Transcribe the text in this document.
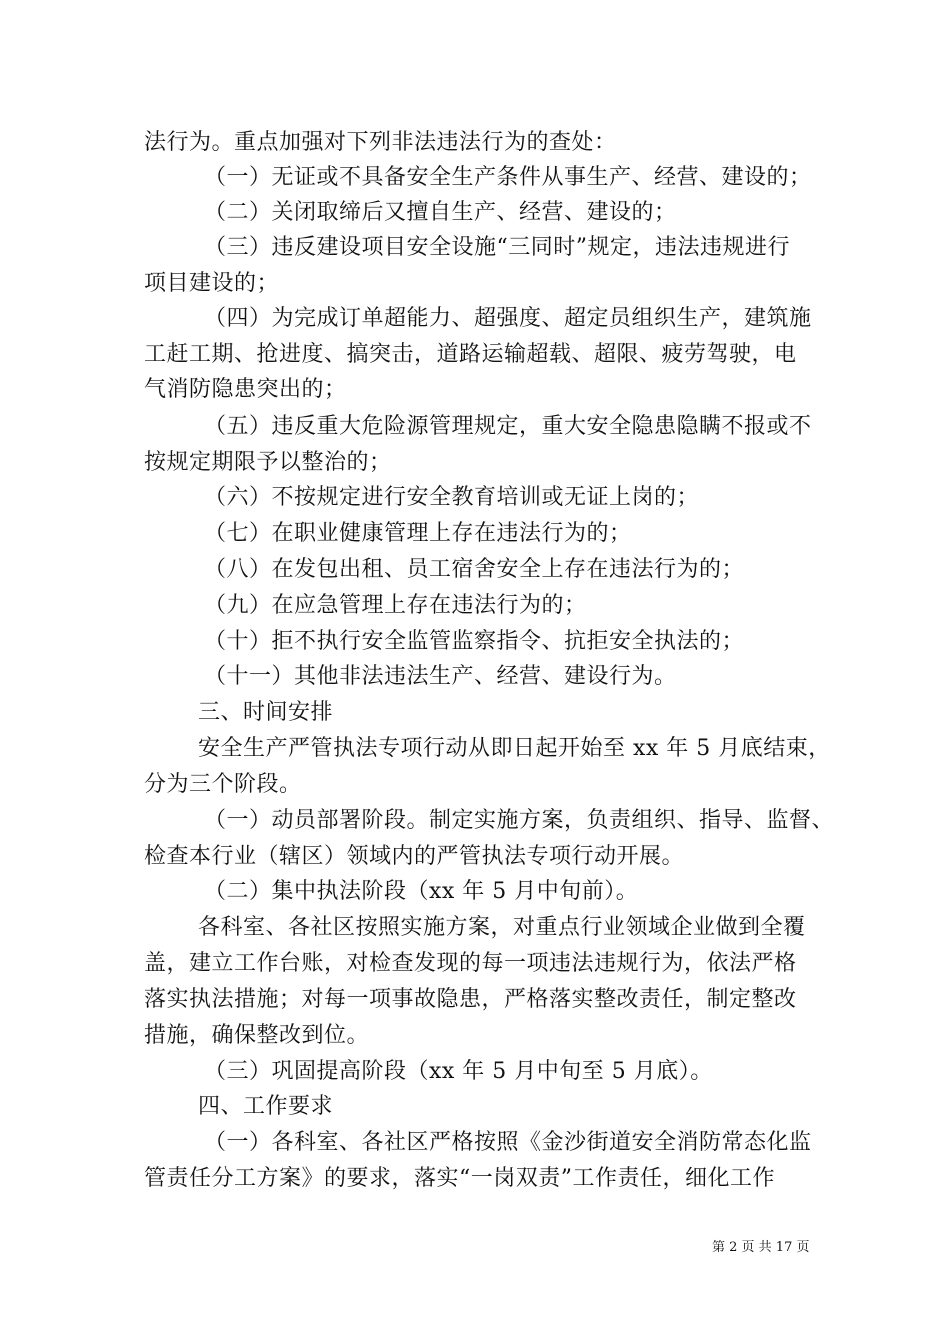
法行为。重点加强对下列非法违法行为的查处：
（一）无证或不具备安全生产条件从事生产、经营、建设的；
（二）关闭取缔后又擅自生产、经营、建设的；
（三）违反建设项目安全设施“三同时”规定，违法违规进行
项目建设的；
（四）为完成订单超能力、超强度、超定员组织生产，建筑施
工赶工期、抢进度、搞突击，道路运输超载、超限、疲劳驾驶，电
气消防隐患突出的；
（五）违反重大危险源管理规定，重大安全隐患隐瞒不报或不
按规定期限予以整治的；
（六）不按规定进行安全教育培训或无证上岗的；
（七）在职业健康管理上存在违法行为的；
（八）在发包出租、员工宿舍安全上存在违法行为的；
（九）在应急管理上存在违法行为的；
（十）拒不执行安全监管监察指令、抗拒安全执法的；
（十一）其他非法违法生产、经营、建设行为。
三、时间安排
安全生产严管执法专项行动从即日起开始至 xx 年 5 月底结束，
分为三个阶段。
（一）动员部署阶段。制定实施方案，负责组织、指导、监督、
检查本行业（辖区）领域内的严管执法专项行动开展。
（二）集中执法阶段（xx 年 5 月中旬前）。
各科室、各社区按照实施方案，对重点行业领域企业做到全覆
盖，建立工作台账，对检查发现的每一项违法违规行为，依法严格
落实执法措施；对每一项事故隐患，严格落实整改责任，制定整改
措施，确保整改到位。
（三）巩固提高阶段（xx 年 5 月中旬至 5 月底）。
四、工作要求
（一）各科室、各社区严格按照《金沙街道安全消防常态化监
管责任分工方案》的要求，落实“一岗双责”工作责任，细化工作
第 2 页 共 17 页
